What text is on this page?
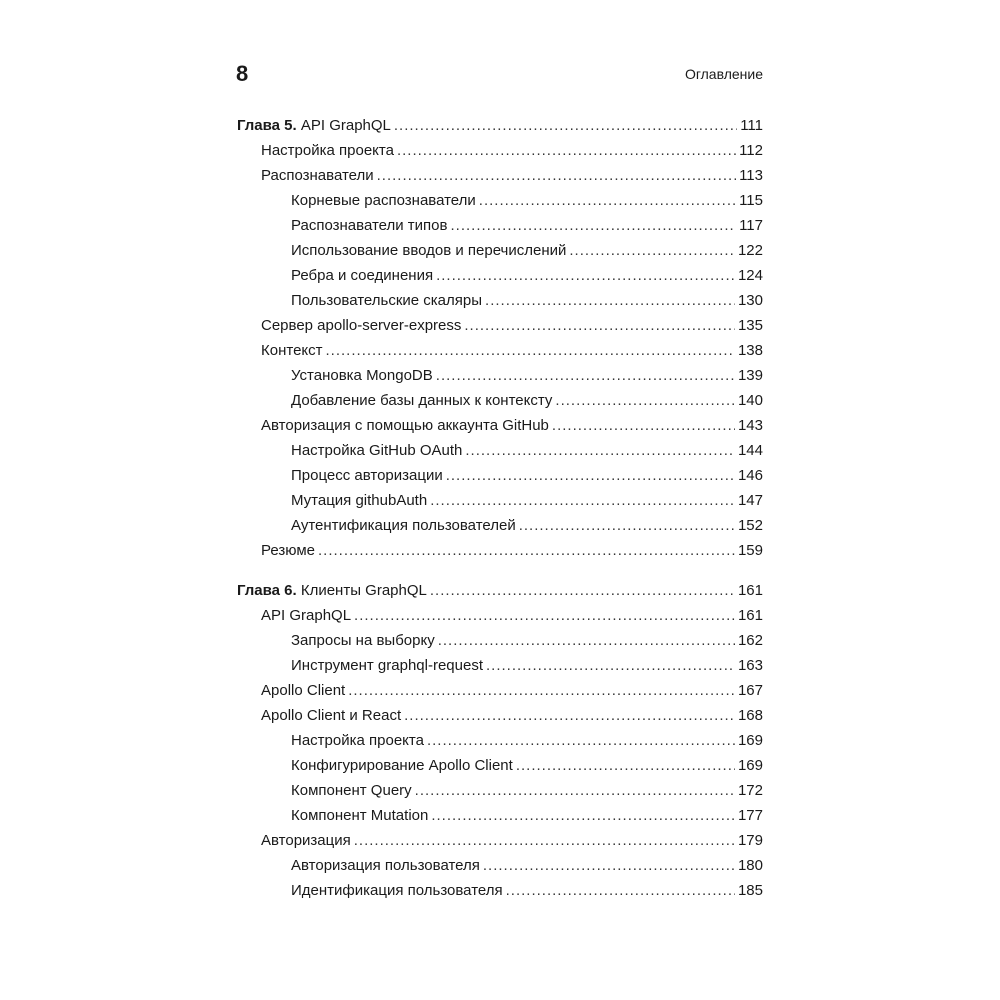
8	Оглавление
Глава 5. API GraphQL .....	111
Настройка проекта .....	112
Распознаватели .....	113
Корневые распознаватели .....	115
Распознаватели типов .....	117
Использование вводов и перечислений .....	122
Ребра и соединения .....	124
Пользовательские скаляры .....	130
Сервер apollo-server-express .....	135
Контекст .....	138
Установка MongoDB .....	139
Добавление базы данных к контексту .....	140
Авторизация с помощью аккаунта GitHub .....	143
Настройка GitHub OAuth .....	144
Процесс авторизации .....	146
Мутация githubAuth .....	147
Аутентификация пользователей .....	152
Резюме .....	159
Глава 6. Клиенты GraphQL .....	161
API GraphQL .....	161
Запросы на выборку .....	162
Инструмент graphql-request .....	163
Apollo Client .....	167
Apollo Client и React .....	168
Настройка проекта .....	169
Конфигурирование Apollo Client .....	169
Компонент Query .....	172
Компонент Mutation .....	177
Авторизация .....	179
Авторизация пользователя .....	180
Идентификация пользователя .....	185
